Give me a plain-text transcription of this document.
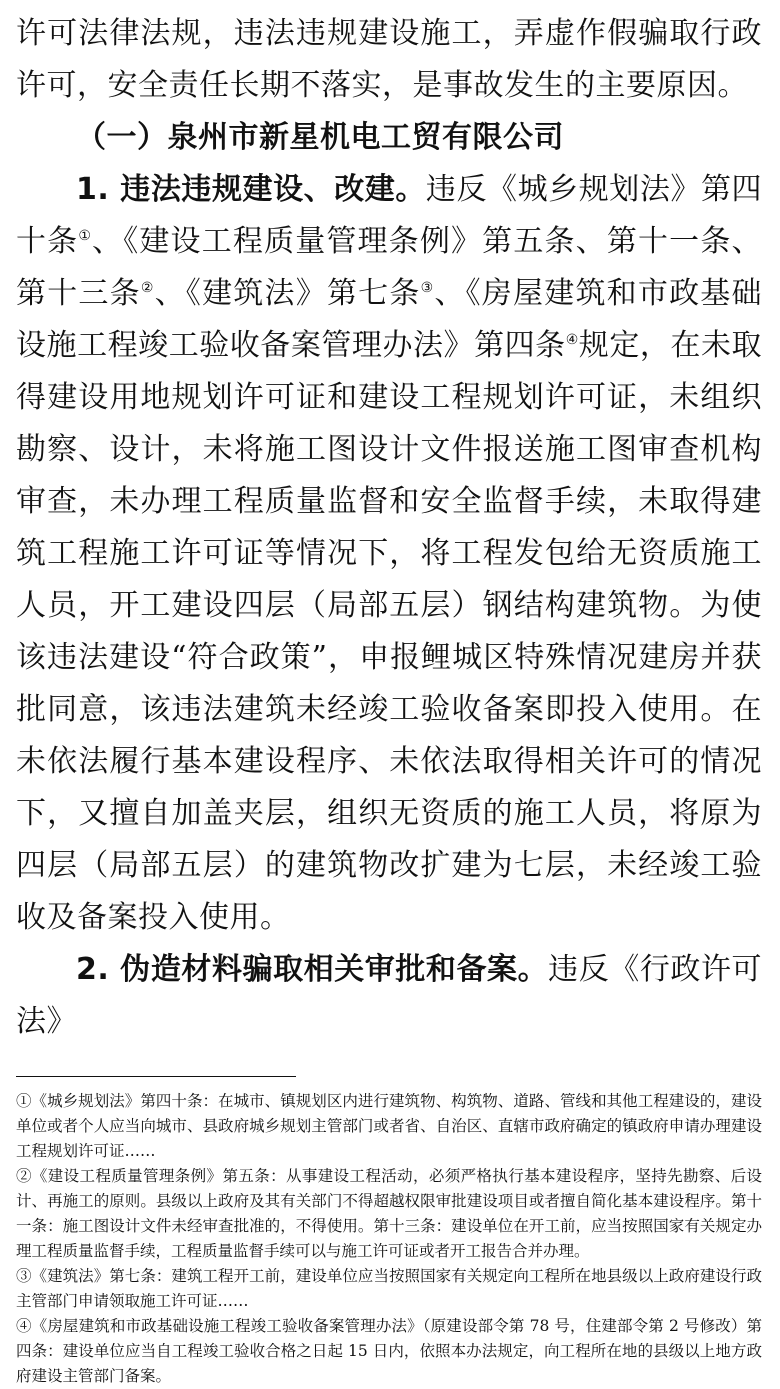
许可法律法规，违法违规建设施工，弄虚作假骗取行政许可，安全责任长期不落实，是事故发生的主要原因。

（一）泉州市新星机电工贸有限公司

1. 违法违规建设、改建。违反《城乡规划法》第四十条①、《建设工程质量管理条例》第五条、第十一条、第十三条②、《建筑法》第七条③、《房屋建筑和市政基础设施工程竣工验收备案管理办法》第四条④规定，在未取得建设用地规划许可证和建设工程规划许可证，未组织勘察、设计，未将施工图设计文件报送施工图审查机构审查，未办理工程质量监督和安全监督手续，未取得建筑工程施工许可证等情况下，将工程发包给无资质施工人员，开工建设四层（局部五层）钢结构建筑物。为使该违法建设“符合政策”，申报鲤城区特殊情况建房并获批同意，该违法建筑未经竣工验收备案即投入使用。在未依法履行基本建设程序、未依法取得相关许可的情况下，又擅自加盖夹层，组织无资质的施工人员，将原为四层（局部五层）的建筑物改扩建为七层，未经竣工验收及备案投入使用。

2. 伪造材料骗取相关审批和备案。违反《行政许可法》

①《城乡规划法》第四十条：在城市、镇规划区内进行建筑物、构筑物、道路、管线和其他工程建设的，建设单位或者个人应当向城市、县政府城乡规划主管部门或者省、自治区、直辖市政府确定的镇政府申请办理建设工程规划许可证……

②《建设工程质量管理条例》第五条：从事建设工程活动，必须严格执行基本建设程序，坚持先勘察、后设计、再施工的原则。县级以上政府及其有关部门不得超越权限审批建设项目或者擅自简化基本建设程序。第十一条：施工图设计文件未经审查批准的，不得使用。第十三条：建设单位在开工前，应当按照国家有关规定办理工程质量监督手续，工程质量监督手续可以与施工许可证或者开工报告合并办理。

③《建筑法》第七条：建筑工程开工前，建设单位应当按照国家有关规定向工程所在地县级以上政府建设行政主管部门申请领取施工许可证……

④《房屋建筑和市政基础设施工程竣工验收备案管理办法》（原建设部令第 78 号，住建部令第 2 号修改）第四条：建设单位应当自工程竣工验收合格之日起 15 日内，依照本办法规定，向工程所在地的县级以上地方政府建设主管部门备案。
